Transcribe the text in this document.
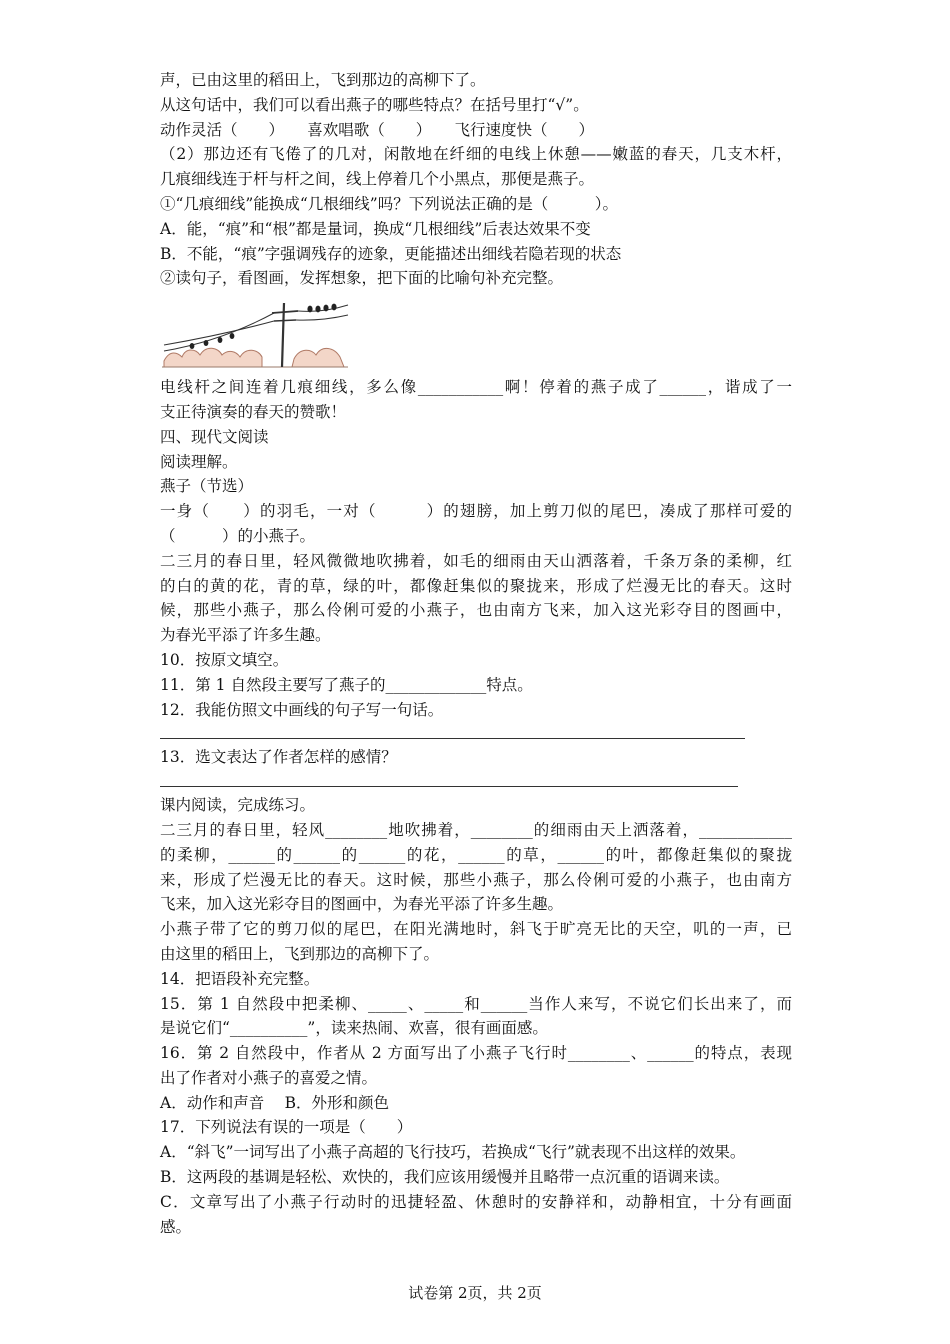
声，已由这里的稻田上，飞到那边的高柳下了。

从这句话中，我们可以看出燕子的哪些特点？在括号里打“√”。

动作灵活（　　）　　喜欢唱歌（　　）　　飞行速度快（　　）

（2）那边还有飞倦了的几对，闲散地在纤细的电线上休憩——嫩蓝的春天，几支木杆，

几痕细线连于杆与杆之间，线上停着几个小黑点，那便是燕子。

①“几痕细线”能换成“几根细线”吗？下列说法正确的是（　　　）。

A．能，“痕”和“根”都是量词，换成“几根细线”后表达效果不变

B．不能，“痕”字强调残存的迹象，更能描述出细线若隐若现的状态

②读句子，看图画，发挥想象，把下面的比喻句补充完整。

电线杆之间连着几痕细线，多么像___________啊！停着的燕子成了______，谐成了一

支正待演奏的春天的赞歌！

四、现代文阅读

阅读理解。

燕子（节选）

一身（　　）的羽毛，一对（　　　）的翅膀，加上剪刀似的尾巴，凑成了那样可爱的

（　　　）的小燕子。

二三月的春日里，轻风微微地吹拂着，如毛的细雨由天山洒落着，千条万条的柔柳，红

的白的黄的花，青的草，绿的叶，都像赶集似的聚拢来，形成了烂漫无比的春天。这时

候，那些小燕子，那么伶俐可爱的小燕子，也由南方飞来，加入这光彩夺目的图画中，

为春光平添了许多生趣。

10．按原文填空。

11．第 1 自然段主要写了燕子的_____________特点。

12．我能仿照文中画线的句子写一句话。

13．选文表达了作者怎样的感情？

课内阅读，完成练习。

二三月的春日里，轻风________地吹拂着，________的细雨由天上洒落着，____________

的柔柳，______的______的______的花，______的草，______的叶，都像赶集似的聚拢

来，形成了烂漫无比的春天。这时候，那些小燕子，那么伶俐可爱的小燕子，也由南方

飞来，加入这光彩夺目的图画中，为春光平添了许多生趣。

小燕子带了它的剪刀似的尾巴，在阳光满地时，斜飞于旷亮无比的天空，叽的一声，已

由这里的稻田上，飞到那边的高柳下了。

14．把语段补充完整。

15．第 1 自然段中把柔柳、_____、_____和______当作人来写，不说它们长出来了，而

是说它们“__________”，读来热闹、欢喜，很有画面感。

16．第 2 自然段中，作者从 2 方面写出了小燕子飞行时________、______的特点，表现

出了作者对小燕子的喜爱之情。

A．动作和声音　 B．外形和颜色

17．下列说法有误的一项是（　　）

A．“斜飞”一词写出了小燕子高超的飞行技巧，若换成“飞行”就表现不出这样的效果。

B．这两段的基调是轻松、欢快的，我们应该用缓慢并且略带一点沉重的语调来读。

C．文章写出了小燕子行动时的迅捷轻盈、休憩时的安静祥和，动静相宜，十分有画面

感。

试卷第 2页，共 2页
